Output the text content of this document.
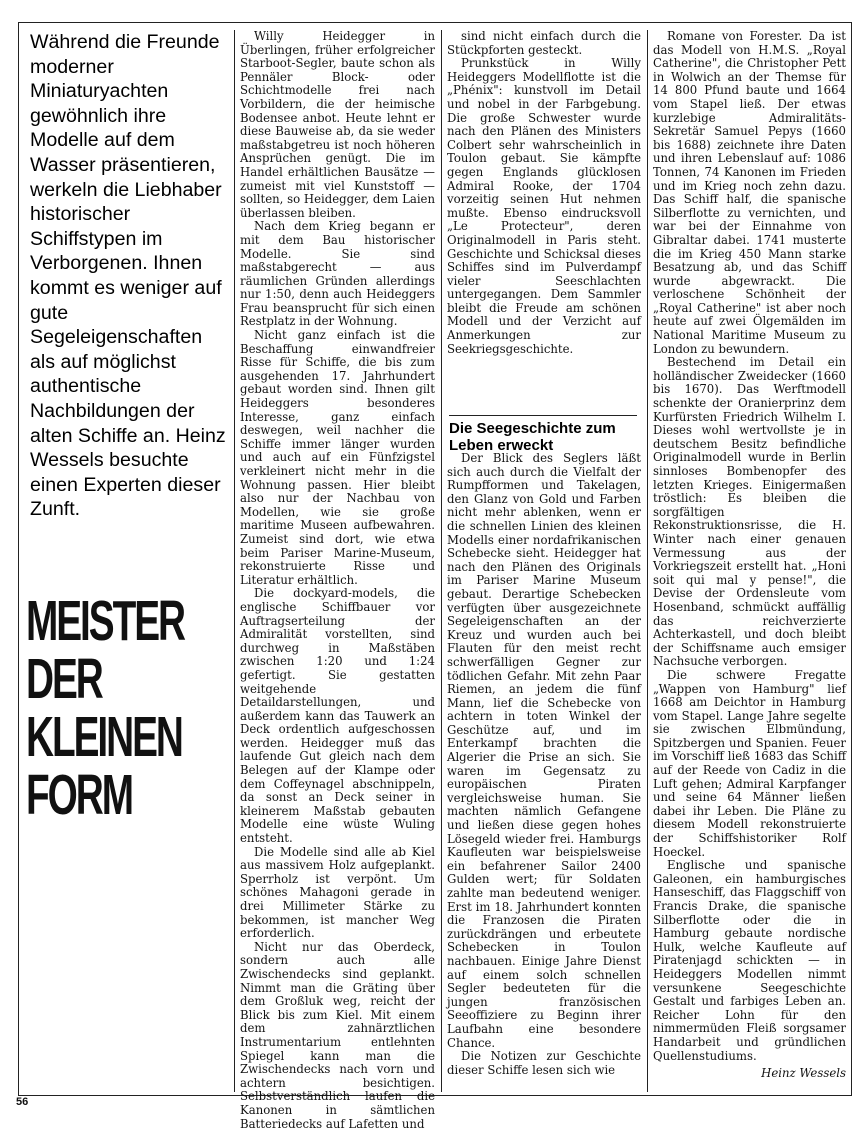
Während die Freunde moderner Miniaturyachten gewöhnlich ihre Modelle auf dem Wasser präsentieren, werkeln die Liebhaber historischer Schiffstypen im Verborgenen. Ihnen kommt es weniger auf gute Segeleigenschaften als auf möglichst authentische Nachbildungen der alten Schiffe an. Heinz Wessels besuchte einen Experten dieser Zunft.

MEISTER
DER
KLEINEN
FORM

Willy Heidegger in Überlingen, früher erfolgreicher Starboot-Segler, baute schon als Pennäler Block- oder Schichtmodelle frei nach Vorbildern, die der heimische Bodensee anbot. Heute lehnt er diese Bauweise ab, da sie weder maßstabgetreu ist noch höheren Ansprüchen genügt. Die im Handel erhältlichen Bausätze — zumeist mit viel Kunststoff — sollten, so Heidegger, dem Laien überlassen bleiben.

Nach dem Krieg begann er mit dem Bau historischer Modelle. Sie sind maßstabgerecht — aus räumlichen Gründen allerdings nur 1:50, denn auch Heideggers Frau beansprucht für sich einen Restplatz in der Wohnung.

Nicht ganz einfach ist die Beschaffung einwandfreier Risse für Schiffe, die bis zum ausgehenden 17. Jahrhundert gebaut worden sind. Ihnen gilt Heideggers besonderes Interesse, ganz einfach deswegen, weil nachher die Schiffe immer länger wurden und auch auf ein Fünfzigstel verkleinert nicht mehr in die Wohnung passen. Hier bleibt also nur der Nachbau von Modellen, wie sie große maritime Museen aufbewahren. Zumeist sind dort, wie etwa beim Pariser Marine-Museum, rekonstruierte Risse und Literatur erhältlich.

Die dockyard-models, die englische Schiffbauer vor Auftragserteilung der Admiralität vorstellten, sind durchweg in Maßstäben zwischen 1:20 und 1:24 gefertigt. Sie gestatten weitgehende Detaildarstellungen, und außerdem kann das Tauwerk an Deck ordentlich aufgeschossen werden. Heidegger muß das laufende Gut gleich nach dem Belegen auf der Klampe oder dem Coffeynagel abschnippeln, da sonst an Deck seiner in kleinerem Maßstab gebauten Modelle eine wüste Wuling entsteht.

Die Modelle sind alle ab Kiel aus massivem Holz aufgeplankt. Sperrholz ist verpönt. Um schönes Mahagoni gerade in drei Millimeter Stärke zu bekommen, ist mancher Weg erforderlich.

Nicht nur das Oberdeck, sondern auch alle Zwischendecks sind geplankt. Nimmt man die Gräting über dem Großluk weg, reicht der Blick bis zum Kiel. Mit einem dem zahnärztlichen Instrumentarium entlehnten Spiegel kann man die Zwischendecks nach vorn und achtern besichtigen. Selbstverständlich laufen die Kanonen in sämtlichen Batteriedecks auf Lafetten und

sind nicht einfach durch die Stückpforten gesteckt.

Prunkstück in Willy Heideggers Modellflotte ist die „Phénix": kunstvoll im Detail und nobel in der Farbgebung. Die große Schwester wurde nach den Plänen des Ministers Colbert sehr wahrscheinlich in Toulon gebaut. Sie kämpfte gegen Englands glücklosen Admiral Rooke, der 1704 vorzeitig seinen Hut nehmen mußte. Ebenso eindrucksvoll „Le Protecteur", deren Originalmodell in Paris steht. Geschichte und Schicksal dieses Schiffes sind im Pulverdampf vieler Seeschlachten untergegangen. Dem Sammler bleibt die Freude am schönen Modell und der Verzicht auf Anmerkungen zur Seekriegsgeschichte.

Die Seegeschichte zum Leben erweckt

Der Blick des Seglers läßt sich auch durch die Vielfalt der Rumpfformen und Takelagen, den Glanz von Gold und Farben nicht mehr ablenken, wenn er die schnellen Linien des kleinen Modells einer nordafrikanischen Schebecke sieht. Heidegger hat nach den Plänen des Originals im Pariser Marine Museum gebaut. Derartige Schebecken verfügten über ausgezeichnete Segeleigenschaften an der Kreuz und wurden auch bei Flauten für den meist recht schwerfälligen Gegner zur tödlichen Gefahr. Mit zehn Paar Riemen, an jedem die fünf Mann, lief die Schebecke von achtern in toten Winkel der Geschütze auf, und im Enterkampf brachten die Algerier die Prise an sich. Sie waren im Gegensatz zu europäischen Piraten vergleichsweise human. Sie machten nämlich Gefangene und ließen diese gegen hohes Lösegeld wieder frei. Hamburgs Kaufleuten war beispielsweise ein befahrener Sailor 2400 Gulden wert; für Soldaten zahlte man bedeutend weniger. Erst im 18. Jahrhundert konnten die Franzosen die Piraten zurückdrängen und erbeutete Schebecken in Toulon nachbauen. Einige Jahre Dienst auf einem solch schnellen Segler bedeuteten für die jungen französischen Seeoffiziere zu Beginn ihrer Laufbahn eine besondere Chance.

Die Notizen zur Geschichte dieser Schiffe lesen sich wie

Romane von Forester. Da ist das Modell von H.M.S. „Royal Catherine", die Christopher Pett in Wolwich an der Themse für 14 800 Pfund baute und 1664 vom Stapel ließ. Der etwas kurzlebige Admiralitäts-Sekretär Samuel Pepys (1660 bis 1688) zeichnete ihre Daten und ihren Lebenslauf auf: 1086 Tonnen, 74 Kanonen im Frieden und im Krieg noch zehn dazu. Das Schiff half, die spanische Silberflotte zu vernichten, und war bei der Einnahme von Gibraltar dabei. 1741 musterte die im Krieg 450 Mann starke Besatzung ab, und das Schiff wurde abgewrackt. Die verloschene Schönheit der „Royal Catherine" ist aber noch heute auf zwei Ölgemälden im National Maritime Museum zu London zu bewundern.

Bestechend im Detail ein holländischer Zweidecker (1660 bis 1670). Das Werftmodell schenkte der Oranierprinz dem Kurfürsten Friedrich Wilhelm I. Dieses wohl wertvollste je in deutschem Besitz befindliche Originalmodell wurde in Berlin sinnloses Bombenopfer des letzten Krieges. Einigermaßen tröstlich: Es bleiben die sorgfältigen Rekonstruktionsrisse, die H. Winter nach einer genauen Vermessung aus der Vorkriegszeit erstellt hat. „Honi soit qui mal y pense!", die Devise der Ordensleute vom Hosenband, schmückt auffällig das reichverzierte Achterkastell, und doch bleibt der Schiffsname auch emsiger Nachsuche verborgen.

Die schwere Fregatte „Wappen von Hamburg" lief 1668 am Deichtor in Hamburg vom Stapel. Lange Jahre segelte sie zwischen Elbmündung, Spitzbergen und Spanien. Feuer im Vorschiff ließ 1683 das Schiff auf der Reede von Cadiz in die Luft gehen; Admiral Karpfanger und seine 64 Männer ließen dabei ihr Leben. Die Pläne zu diesem Modell rekonstruierte der Schiffshistoriker Rolf Hoeckel.

Englische und spanische Galeonen, ein hamburgisches Hanseschiff, das Flaggschiff von Francis Drake, die spanische Silberflotte oder die in Hamburg gebaute nordische Hulk, welche Kaufleute auf Piratenjagd schickten — in Heideggers Modellen nimmt versunkene Seegeschichte Gestalt und farbiges Leben an. Reicher Lohn für den nimmermüden Fleiß sorgsamer Handarbeit und gründlichen Quellenstudiums.

Heinz Wessels

56
